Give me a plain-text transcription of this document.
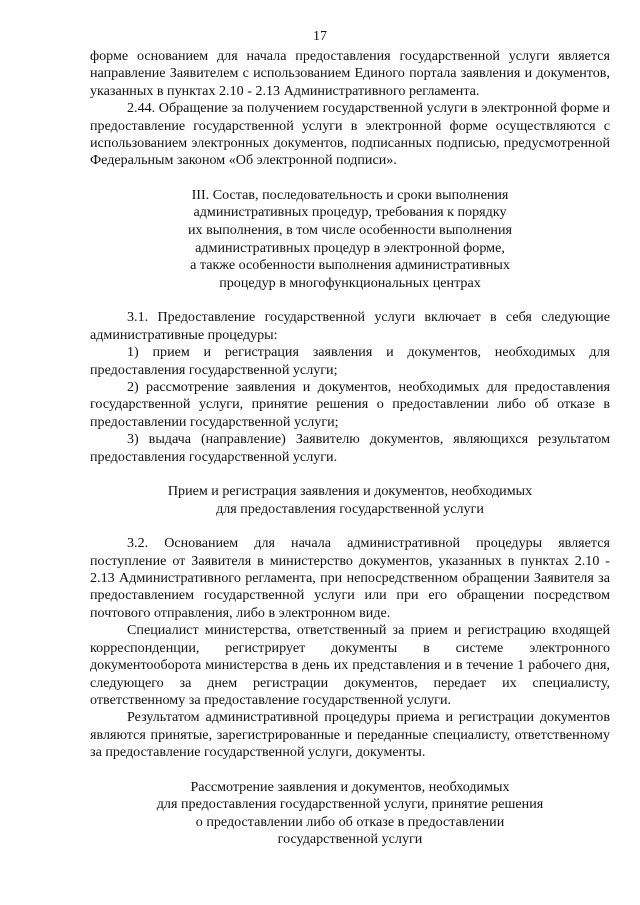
17

форме основанием для начала предоставления государственной услуги является направление Заявителем с использованием Единого портала заявления и документов, указанных в пунктах 2.10 - 2.13 Административного регламента.

2.44. Обращение за получением государственной услуги в электронной форме и предоставление государственной услуги в электронной форме осуществляются с использованием электронных документов, подписанных подписью, предусмотренной Федеральным законом «Об электронной подписи».

III. Состав, последовательность и сроки выполнения
административных процедур, требования к порядку
их выполнения, в том числе особенности выполнения
административных процедур в электронной форме,
а также особенности выполнения административных
процедур в многофункциональных центрах

3.1. Предоставление государственной услуги включает в себя следующие административные процедуры:

1) прием и регистрация заявления и документов, необходимых для предоставления государственной услуги;

2) рассмотрение заявления и документов, необходимых для предоставления государственной услуги, принятие решения о предоставлении либо об отказе в предоставлении государственной услуги;

3) выдача (направление) Заявителю документов, являющихся результатом предоставления государственной услуги.

Прием и регистрация заявления и документов, необходимых
для предоставления государственной услуги

3.2. Основанием для начала административной процедуры является поступление от Заявителя в министерство документов, указанных в пунктах 2.10 - 2.13 Административного регламента, при непосредственном обращении Заявителя за предоставлением государственной услуги или при его обращении посредством почтового отправления, либо в электронном виде.

Специалист министерства, ответственный за прием и регистрацию входящей корреспонденции, регистрирует документы в системе электронного документооборота министерства в день их представления и в течение 1 рабочего дня, следующего за днем регистрации документов, передает их специалисту, ответственному за предоставление государственной услуги.

Результатом административной процедуры приема и регистрации документов являются принятые, зарегистрированные и переданные специалисту, ответственному за предоставление государственной услуги, документы.

Рассмотрение заявления и документов, необходимых
для предоставления государственной услуги, принятие решения
о предоставлении либо об отказе в предоставлении
государственной услуги
